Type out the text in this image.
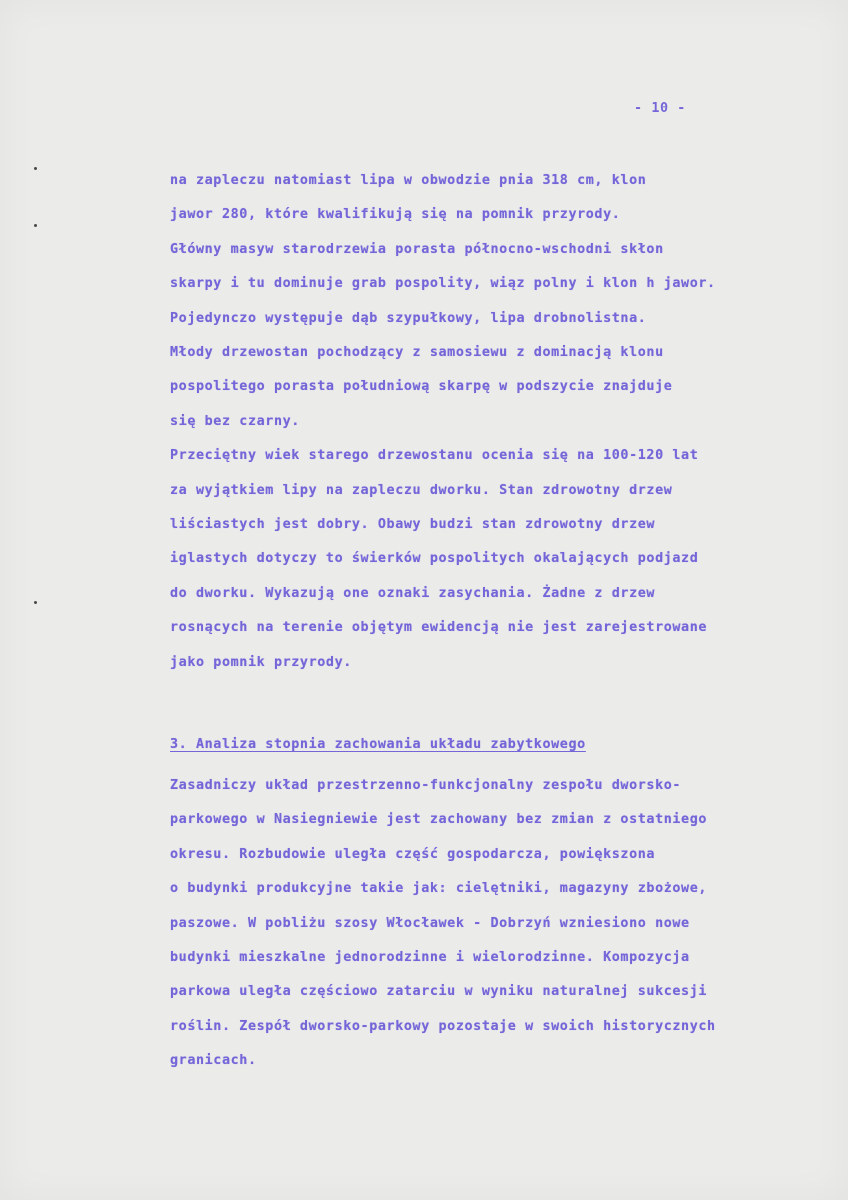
- 10 -
na zapleczu natomiast lipa w obwodzie pnia 318 cm, klon
jawor 280, które kwalifikują się na pomnik przyrody.
Główny masyw starodrzewia porasta północno-wschodni skłon
skarpy i tu dominuje grab pospolity, wiąz polny i klon h jawor.
Pojedynczo występuje dąb szypułkowy, lipa drobnolistna.
Młody drzewostan pochodzący z samosiewu z dominacją klonu
pospolitego porasta południową skarpę w podszycie znajduje
się bez czarny.
Przeciętny wiek starego drzewostanu ocenia się na 100-120 lat
za wyjątkiem lipy na zapleczu dworku. Stan zdrowotny drzew
liściastych jest dobry. Obawy budzi stan zdrowotny drzew
iglastych dotyczy to świerków pospolitych okalających podjazd
do dworku. Wykazują one oznaki zasychania. Żadne z drzew
rosnących na terenie objętym ewidencją nie jest zarejestrowane
jako pomnik przyrody.
3. Analiza stopnia zachowania układu zabytkowego
Zasadniczy układ przestrzenno-funkcjonalny zespołu dworsko-
parkowego w Nasiegniewie jest zachowany bez zmian z ostatniego
okresu. Rozbudowie uległa część gospodarcza, powiększona
o budynki produkcyjne takie jak: cielętniki, magazyny zbożowe,
paszowe. W pobliżu szosy Włocławek - Dobrzyń wzniesiono nowe
budynki mieszkalne jednorodzinne i wielorodzinne. Kompozycja
parkowa uległa częściowo zatarciu w wyniku naturalnej sukcesji
roślin. Zespół dworsko-parkowy pozostaje w swoich historycznych
granicach.
